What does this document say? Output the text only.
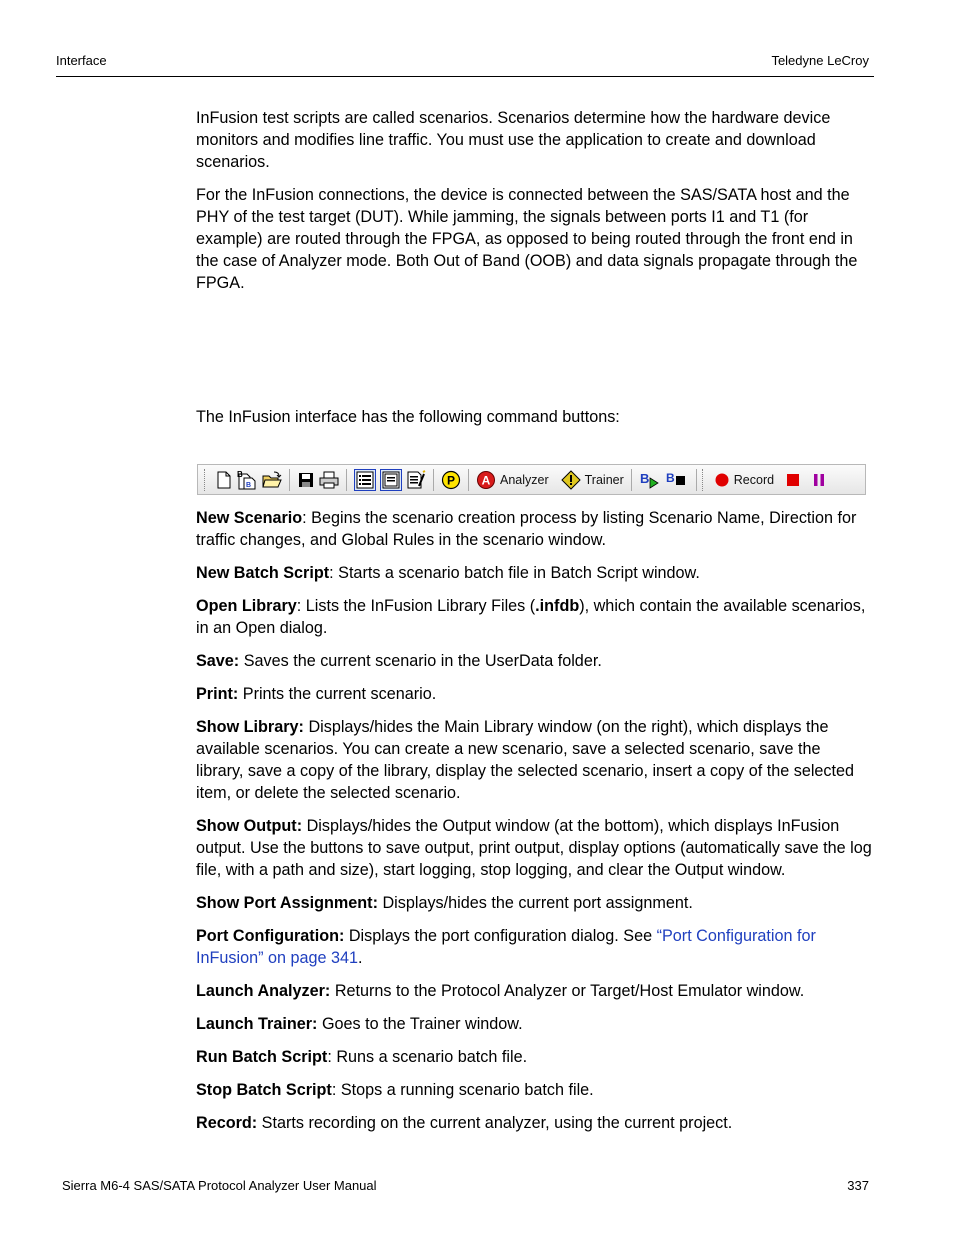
Interface	Teledyne LeCroy

InFusion test scripts are called scenarios. Scenarios determine how the hardware device monitors and modifies line traffic. You must use the application to create and download scenarios.

For the InFusion connections, the device is connected between the SAS/SATA host and the PHY of the test target (DUT). While jamming, the signals between ports I1 and T1 (for example) are routed through the FPGA, as opposed to being routed through the front end in the case of Analyzer mode. Both Out of Band (OOB) and data signals propagate through the FPGA.

The InFusion interface has the following command buttons:

B
B	P A Analyzer	Trainer B B	Record

New Scenario: Begins the scenario creation process by listing Scenario Name, Direction for traffic changes, and Global Rules in the scenario window.

New Batch Script: Starts a scenario batch file in Batch Script window.

Open Library: Lists the InFusion Library Files (.infdb), which contain the available scenarios, in an Open dialog.

Save: Saves the current scenario in the UserData folder.

Print: Prints the current scenario.

Show Library: Displays/hides the Main Library window (on the right), which displays the available scenarios. You can create a new scenario, save a selected scenario, save the library, save a copy of the library, display the selected scenario, insert a copy of the selected item, or delete the selected scenario.

Show Output: Displays/hides the Output window (at the bottom), which displays InFusion output. Use the buttons to save output, print output, display options (automatically save the log file, with a path and size), start logging, stop logging, and clear the Output window.

Show Port Assignment: Displays/hides the current port assignment.

Port Configuration: Displays the port configuration dialog. See “Port Configuration for InFusion” on page 341.

Launch Analyzer: Returns to the Protocol Analyzer or Target/Host Emulator window.

Launch Trainer: Goes to the Trainer window.

Run Batch Script: Runs a scenario batch file.

Stop Batch Script: Stops a running scenario batch file.

Record: Starts recording on the current analyzer, using the current project.

Sierra M6-4 SAS/SATA Protocol Analyzer User Manual	337
